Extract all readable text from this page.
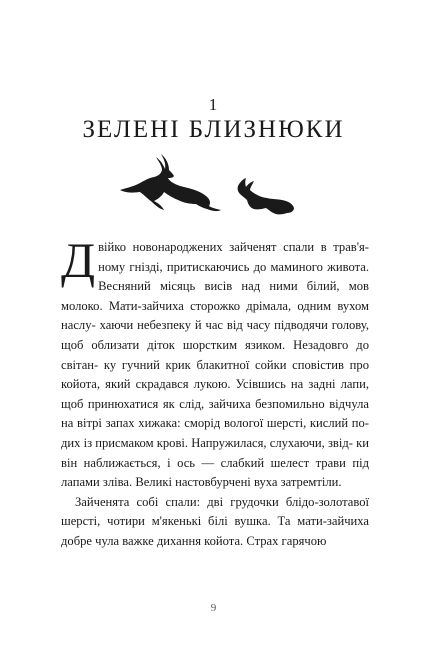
1
ЗЕЛЕНІ БЛИЗНЮКИ

Двійко новонароджених зайченят спали в трав'я- ному гнізді, притискаючись до маминого живота. Весняний місяць висів над ними білий, мов молоко. Мати-зайчиха сторожко дрімала, одним вухом наслу- хаючи небезпеку й час від часу підводячи голову, щоб облизати діток шорстким язиком. Незадовго до світан- ку гучний крик блакитної сойки сповістив про койота, який скрадався лукою. Усівшись на задні лапи, щоб принюхатися як слід, зайчиха безпомильно відчула на вітрі запах хижака: сморід вологої шерсті, кислий по- дих із присмаком крові. Напружилася, слухаючи, звід- ки він наближається, і ось — слабкий шелест трави під лапами зліва. Великі настовбурчені вуха затремтіли.

Зайченята собі спали: дві грудочки блідо-золотавої шерсті, чотири м'якенькі білі вушка. Та мати-зайчиха добре чула важке дихання койота. Страх гарячою

9
